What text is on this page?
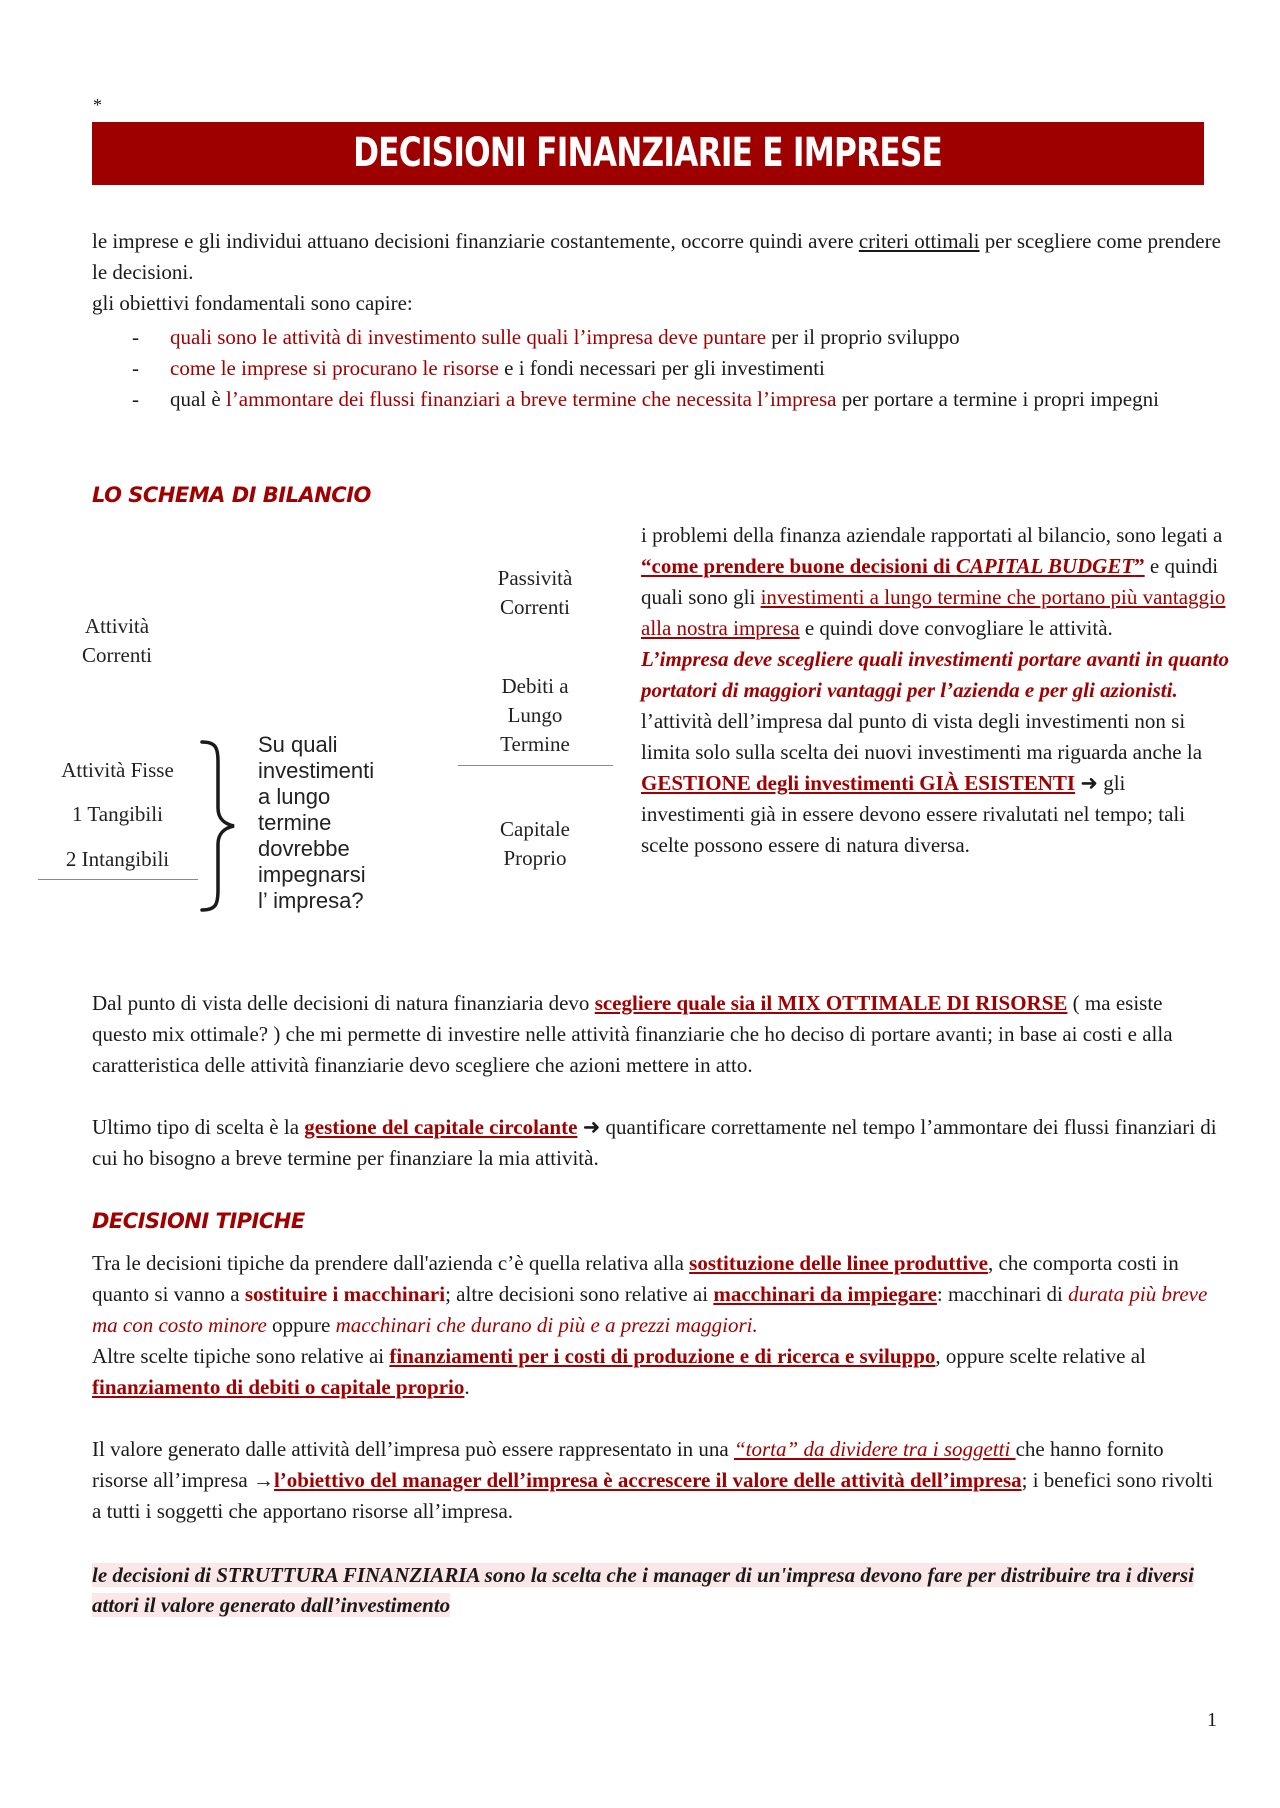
*
DECISIONI FINANZIARIE E IMPRESE
le imprese e gli individui attuano decisioni finanziarie costantemente, occorre quindi avere criteri ottimali per scegliere come prendere le decisioni.
gli obiettivi fondamentali sono capire:
- quali sono le attività di investimento sulle quali l’impresa deve puntare per il proprio sviluppo
- come le imprese si procurano le risorse e i fondi necessari per gli investimenti
- qual è l’ammontare dei flussi finanziari a breve termine che necessita l’impresa per portare a termine i propri impegni
LO SCHEMA DI BILANCIO
Attività
Correnti
Passività
Correnti
Debiti a
Lungo
Termine
Capitale
Proprio
Attività Fisse
1 Tangibili
2 Intangibili
Su quali
investimenti
a lungo
termine
dovrebbe
impegnarsi
l’ impresa?
i problemi della finanza aziendale rapportati al bilancio, sono legati a “come prendere buone decisioni di CAPITAL BUDGET” e quindi quali sono gli investimenti a lungo termine che portano più vantaggio alla nostra impresa e quindi dove convogliare le attività.
L’impresa deve scegliere quali investimenti portare avanti in quanto portatori di maggiori vantaggi per l’azienda e per gli azionisti.
l’attività dell’impresa dal punto di vista degli investimenti non si limita solo sulla scelta dei nuovi investimenti ma riguarda anche la GESTIONE degli investimenti GIÀ ESISTENTI ➜ gli investimenti già in essere devono essere rivalutati nel tempo; tali scelte possono essere di natura diversa.
Dal punto di vista delle decisioni di natura finanziaria devo scegliere quale sia il MIX OTTIMALE DI RISORSE ( ma esiste questo mix ottimale? ) che mi permette di investire nelle attività finanziarie che ho deciso di portare avanti; in base ai costi e alla caratteristica delle attività finanziarie devo scegliere che azioni mettere in atto.
Ultimo tipo di scelta è la gestione del capitale circolante ➜ quantificare correttamente nel tempo l’ammontare dei flussi finanziari di cui ho bisogno a breve termine per finanziare la mia attività.
DECISIONI TIPICHE
Tra le decisioni tipiche da prendere dall'azienda c’è quella relativa alla sostituzione delle linee produttive, che comporta costi in quanto si vanno a sostituire i macchinari; altre decisioni sono relative ai macchinari da impiegare: macchinari di durata più breve ma con costo minore oppure macchinari che durano di più e a prezzi maggiori.
Altre scelte tipiche sono relative ai finanziamenti per i costi di produzione e di ricerca e sviluppo, oppure scelte relative al finanziamento di debiti o capitale proprio.
Il valore generato dalle attività dell’impresa può essere rappresentato in una “torta” da dividere tra i soggetti che hanno fornito risorse all’impresa →l’obiettivo del manager dell’impresa è accrescere il valore delle attività dell’impresa; i benefici sono rivolti a tutti i soggetti che apportano risorse all’impresa.
le decisioni di STRUTTURA FINANZIARIA sono la scelta che i manager di un'impresa devono fare per distribuire tra i diversi attori il valore generato dall’investimento
1
